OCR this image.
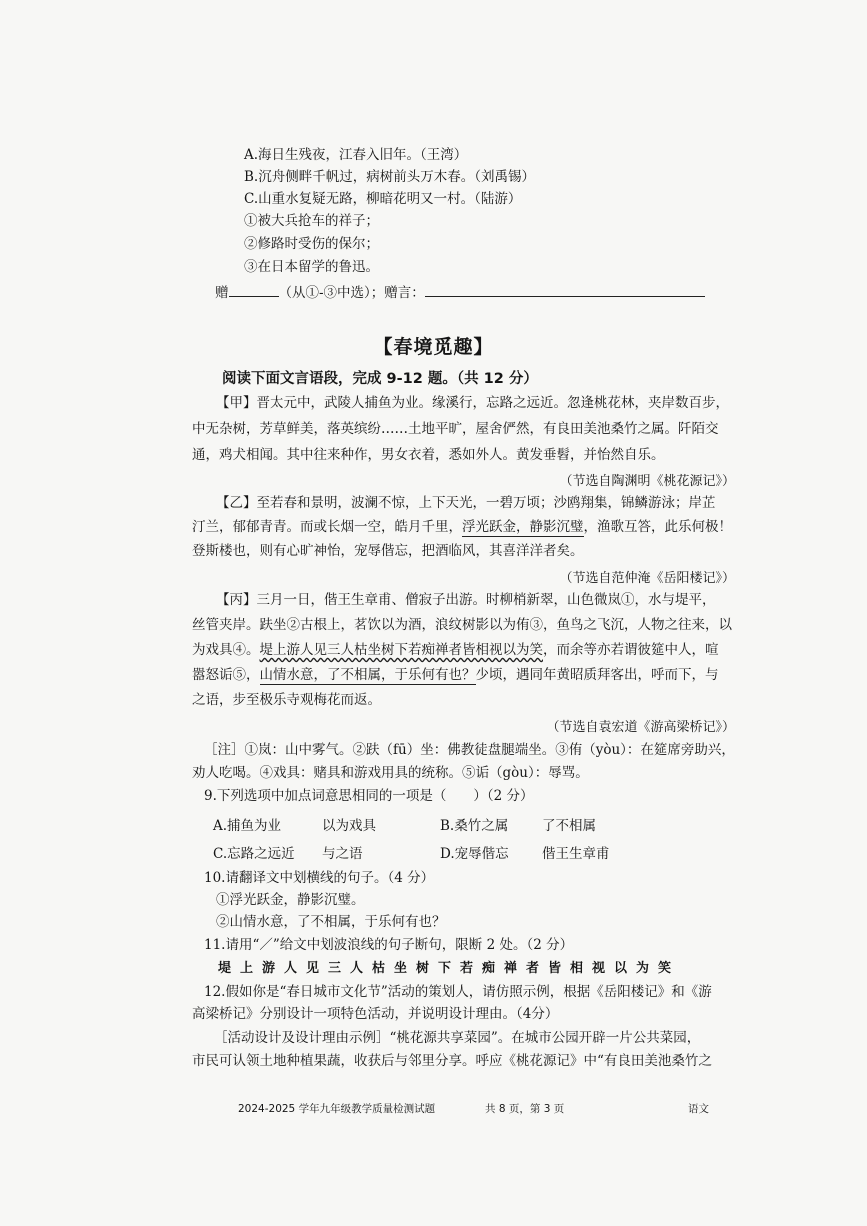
A.海日生残夜，江春入旧年。（王湾）
B.沉舟侧畔千帆过，病树前头万木春。（刘禹锡）
C.山重水复疑无路，柳暗花明又一村。（陆游）
①被大兵抢车的祥子；
②修路时受伤的保尔；
③在日本留学的鲁迅。
赠	（从①-③中选）；赠言：
【春境觅趣】
阅读下面文言语段，完成 9-12 题。（共 12 分）
【甲】晋太元中，武陵人捕鱼为业。缘溪行，忘路之远近。忽逢桃花林，夹岸数百步，
中无杂树，芳草鲜美，落英缤纷……土地平旷，屋舍俨然，有良田美池桑竹之属。阡陌交
通，鸡犬相闻。其中往来种作，男女衣着，悉如外人。黄发垂髫，并怡然自乐。
（节选自陶渊明《桃花源记》）
【乙】至若春和景明，波澜不惊，上下天光，一碧万顷；沙鸥翔集，锦鳞游泳；岸芷
汀兰，郁郁青青。而或长烟一空，皓月千里，浮光跃金，静影沉璧，渔歌互答，此乐何极！
登斯楼也，则有心旷神怡，宠辱偕忘，把酒临风，其喜洋洋者矣。
（节选自范仲淹《岳阳楼记》）
【丙】三月一日，偕王生章甫、僧寂子出游。时柳梢新翠，山色微岚①，水与堤平，
丝管夹岸。趺坐②古根上，茗饮以为酒，浪纹树影以为侑③，鱼鸟之飞沉，人物之往来，以
为戏具④。堤上游人见三人枯坐树下若痴禅者皆相视以为笑，而余等亦若谓彼筵中人，喧
嚣怒诟⑤，山情水意，了不相属，于乐何有也？少顷，遇同年黄昭质拜客出，呼而下，与
之语，步至极乐寺观梅花而返。
（节选自袁宏道《游高梁桥记》）
［注］①岚：山中雾气。②趺（fū）坐：佛教徒盘腿端坐。③侑（yòu）：在筵席旁助兴，
劝人吃喝。④戏具：赌具和游戏用具的统称。⑤诟（gòu）：辱骂。
9.下列选项中加点词意思相同的一项是（　　）（2 分）
A.捕鱼为业	以为戏具	B.桑竹之属	了不相属
C.忘路之远近 与之语	D.宠辱偕忘 偕王生章甫
10.请翻译文中划横线的句子。（4 分）
①浮光跃金，静影沉璧。
②山情水意，了不相属，于乐何有也？
11.请用“／”给文中划波浪线的句子断句，限断 2 处。（2 分）
堤上游人见三人枯坐树下若痴禅者皆相视以为笑
12.假如你是“春日城市文化节”活动的策划人，请仿照示例，根据《岳阳楼记》和《游
高梁桥记》分别设计一项特色活动，并说明设计理由。（4分）
［活动设计及设计理由示例］“桃花源共享菜园”。在城市公园开辟一片公共菜园，
市民可认领土地种植果蔬，收获后与邻里分享。呼应《桃花源记》中“有良田美池桑竹之
2024-2025 学年九年级教学质量检测试题	共 8 页，第 3 页	语文
